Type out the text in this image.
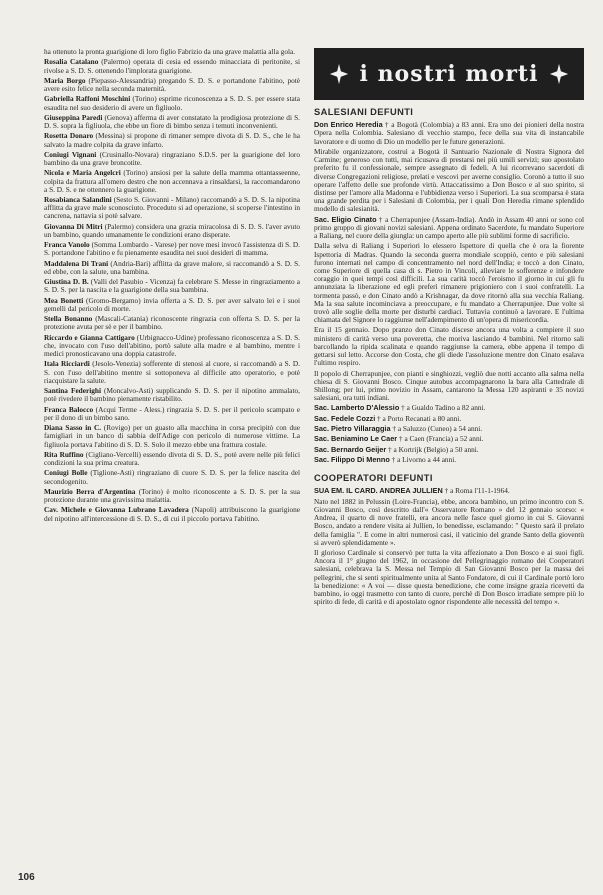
ha ottenuto la pronta guarigione di loro figlio Fabrizio da una grave malattia alla gola.

Rosalia Catalano (Palermo) operata di cesia ed essendo minacciata di peritonite, si rivolse a S. D. S. ottenendo l'implorata guarigione.

Maria Borgo (Piepasso-Alessandria) pregando S. D. S. e portandone l'abitino, potè avere esito felice nella seconda maternità.

Gabriella Raffoni Moschini (Torino) esprime riconoscenza a S. D. S. per essere stata esaudita nel suo desiderio di avere un figliuolo.

Giuseppina Paredi (Genova) afferma di aver constatato la prodigiosa protezione di S. D. S. sopra la figliuola, che ebbe un fiore di bimbo senza i temuti inconvenienti.

Rosetta Donaro (Messina) si propone di rimaner sempre divota di S. D. S., che le ha salvato la madre colpita da grave infarto.

Coniugi Vignani (Crusinallo-Novara) ringraziano S.D.S. per la guarigione del loro bambino da una grave broncotite.

Nicola e Maria Angelcri (Torino) ansiosi per la salute della mamma ottantasseenne, colpita da frattura all'omero destro che non accennava a rinsaldarsi, la raccomandarono a S. D. S. e ne ottennero la guarigione.

Rosabianca Salandini (Sesto S. Giovanni - Milano) raccomandò a S. D. S. la nipotina afflitta da grave male sconosciuto. Proceduto si ad operazione, si scoperse l'intestino in cancrena, nattavia si potè salvare.

Giovanna Di Mitri (Palermo) considera una grazia miracolosa di S. D. S. l'aver avuto un bambino, quando umanamente le condizioni erano disperate.

Franca Vanolo (Somma Lombardo - Varese) per nove mesi invocò l'assistenza di S. D. S. portandone l'abitino e fu pienamente esaudita nei suoi desideri di mamma.

Maddalena Di Trani (Andria-Bari) afflitta da grave malore, si raccomandò a S. D. S. ed ebbe, con la salute, una bambina.

Giustina D. B. (Valli del Pasubio - Vicenza) fa celebrare S. Messe in ringraziamento a S. D. S. per la nascita e la guarigione della sua bambina.

Mea Bonetti (Gromo-Bergamo) invia offerta a S. D. S. per aver salvato lei e i suoi gemelli dal pericolo di morte.

Stella Bonanno (Mascali-Catania) riconoscente ringrazia con offerta S. D. S. per la protezione avuta per sè e per il bambino.

Riccardo e Gianna Cattigaro (Urbignacco-Udine) professano riconoscenza a S. D. S. che, invocato con l'uso dell'abitino, portò salute alla madre e al bambino, mentre i medici pronosticavano una doppia catastrofe.

Itala Ricciardi (Jesolo-Venezia) sofferente di stenosi al cuore, si raccomandò a S. D. S. con l'uso dell'abitino mentre si sottoponeva al difficile atto operatorio, e potè riacquistare la salute.

Santina Federighi (Moncalvo-Asti) supplicando S. D. S. per il nipotino ammalato, potè rivedere il bambino pienamente ristabilito.

Franca Balocco (Acqui Terme - Aless.) ringrazia S. D. S. per il pericolo scampato e per il dono di un bimbo sano.

Diana Sasso in C. (Rovigo) per un guasto alla macchina in corsa precipitò con due famigliari in un banco di sabbia dell'Adige con pericolo di numerose vittime. La figliuola portava l'abitino di S. D. S. Solo il mezzo ebbe una frattura costale.

Rita Ruffino (Cigliano-Vercelli) essendo divota di S. D. S., potè avere nelle più felici condizioni la sua prima creatura.

Coniugi Bolle (Tiglione-Asti) ringraziano di cuore S. D. S. per la felice nascita del secondogenito.

Maurizio Berra d'Argentina (Torino) è molto riconoscente a S. D. S. per la sua protezione durante una gravissima malattia.

Cav. Michele e Giovanna Lubrano Lavadera (Napoli) attribuiscono la guarigione del nipotino all'intercessione di S. D. S., di cui il piccolo portava l'abitino.

i nostri morti
SALESIANI DEFUNTI

Don Enrico Heredia † a Bogotà (Colombia) a 83 anni. Era uno dei pionieri della nostra Opera nella Colombia. Salesiano di vecchio stampo, fece della sua vita di instancabile lavoratore e di uomo di Dio un modello per le future generazioni.

Mirabile organizzatore, costruì a Bogotà il Santuario Nazionale di Nostra Signora del Carmine; generoso con tutti, mai ricusava di prestarsi nei più umili servizi; suo apostolato preferito fu il confessionale, sempre assegnato di fedeli. A lui ricorrevano sacerdoti di diverse Congregazioni religiose, prelati e vescovi per averne consiglio. Coronò a tutto il suo operare l'affetto delle sue profonde virtù. Attaccatissimo a Don Bosco e al suo spirito, si distinse per l'amore alla Madonna e l'ubbidienza verso i Superiori. La sua scomparsa è stata una grande perdita per i Salesiani di Colombia, per i quali Don Heredia rimane splendido modello di salesianità.

Sac. Eligio Cinato † a Cherrapunjee (Assam-India). Andò in Assam 40 anni or sono col primo gruppo di giovani novizi salesiani. Appena ordinato Sacerdote, fu mandato Superiore a Raliang, nel cuore della giungla: un campo aperto alle più sublimi forme di sacrificio.

Dalla selva di Raliang i Superiori lo elessero Ispettore di quella che è ora la fiorente Ispettoria di Madras. Quando la seconda guerra mondiale scoppiò, cento e più salesiani furono internati nel campo di concentramento nel nord dell'India; e toccò a don Cinato, come Superiore di quella casa di s. Pietro in Vincoli, alleviare le sofferenze e infondere coraggio in quei tempi così difficili. La sua carità toccò l'eroismo il giorno in cui gli fu annunziata la liberazione ed egli preferì rimanere prigioniero con i suoi confratelli. La tormenta passò, e don Cinato andò a Krishnagar, da dove ritornò alla sua vecchia Raliang. Ma la sua salute incominciava a preoccupare, e fu mandato a Cherrapunjee. Due volte si trovò alle soglie della morte per disturbi cardiaci. Tuttavia continuò a lavorare. E l'ultima chiamata del Signore lo raggiunse nell'adempimento di un'opera di misericordia.

Era il 15 gennaio. Dopo pranzo don Cinato discese ancora una volta a compiere il suo ministero di carità verso una poveretta, che moriva lasciando 4 bambini. Nel ritorno sali barcollando la ripida scalinata e quando raggiunse la camera, ebbe appena il tempo di gettarsi sul letto. Accorse don Costa, che gli diede l'assoluzione mentre don Cinato esalava l'ultimo respiro.

Il popolo di Cherrapunjee, con pianti e singhiozzi, vegliò due notti accanto alla salma nella chiesa di S. Giovanni Bosco. Cinque autobus accompagnarono la bara alla Cattedrale di Shillong; per lui, primo novizio in Assam, cantarono la Messa 120 aspiranti e 35 novizi salesiani, ora tutti indiani.

Sac. Lamberto D'Alessio † a Gualdo Tadino a 82 anni.

Sac. Fedele Cozzi † a Porto Recanati a 80 anni.

Sac. Pietro Villaraggia † a Saluzzo (Cuneo) a 54 anni.

Sac. Beniamino Le Caer † a Caen (Francia) a 52 anni.

Sac. Bernardo Geijer † a Kortrijk (Belgio) a 50 anni.

Sac. Filippo Di Menno † a Livorno a 44 anni.

COOPERATORI DEFUNTI

SUA EM. IL CARD. ANDREA JULLIEN † a Roma l'11-1-1964.

Nato nel 1882 in Pelussin (Loire-Francia), ebbe, ancora bambino, un primo incontro con S. Giovanni Bosco, così descritto dall'« Osservatore Romano » del 12 gennaio scorso: « Andrea, il quarto di nove fratelli, era ancora nelle fasce quel giorno in cui S. Giovanni Bosco, andato a rendere visita ai Jullien, lo benedisse, esclamando: " Questo sarà il prelato della famiglia ". E come in altri numerosi casi, il vaticinio del grande Santo della gioventù si avverò splendidamente ».

Il glorioso Cardinale si conservò per tutta la vita affezionato a Don Bosco e ai suoi figli. Ancora il 1° giugno del 1962, in occasione del Pellegrinaggio romano dei Cooperatori salesiani, celebrava la S. Messa nel Tempio di San Giovanni Bosco per la massa dei pellegrini, che si senti spiritualmente unita al Santo Fondatore, di cui il Cardinale portò loro la benedizione: « A voi — disse questa benedizione, che come insigne grazia ricevetti da bambino, io oggi trasmetto con tanto di cuore, perchè di Don Bosco irradiate sempre più lo spirito di fede, di carità e di apostolato ognor rispondente alle necessità del tempo ».

106
